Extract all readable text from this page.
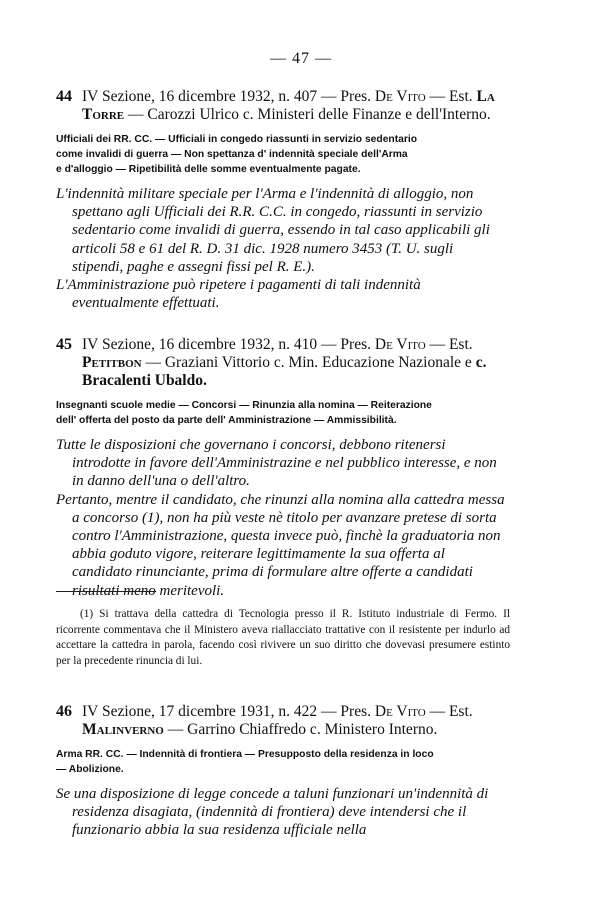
— 47 —
44 IV Sezione, 16 dicembre 1932, n. 407 — Pres. De Vito — Est. La Torre — Carozzi Ulrico c. Ministeri delle Finanze e dell'Interno.
Ufficiali dei RR. CC. — Ufficiali in congedo riassunti in servizio sedentario
come invalidi di guerra — Non spettanza d' indennità speciale dell'Arma
e d'alloggio — Ripetibilità delle somme eventualmente pagate.

L'indennità militare speciale per l'Arma e l'indennità di alloggio, non spettano agli Ufficiali dei R.R. C.C. in congedo, riassunti in servizio sedentario come invalidi di guerra, essendo in tal caso applicabili gli articoli 58 e 61 del R. D. 31 dic. 1928 numero 3453 (T. U. sugli stipendi, paghe e assegni fissi pel R. E.).

L'Amministrazione può ripetere i pagamenti di tali indennità eventualmente effettuati.

45 IV Sezione, 16 dicembre 1932, n. 410 — Pres. De Vito — Est. Petitbon — Graziani Vittorio c. Min. Educazione Nazionale e c. Bracalenti Ubaldo.
Insegnanti scuole medie — Concorsi — Rinunzia alla nomina — Reiterazione
dell' offerta del posto da parte dell' Amministrazione — Ammissibilità.

Tutte le disposizioni che governano i concorsi, debbono ritenersi introdotte in favore dell'Amministrazine e nel pubblico interesse, e non in danno dell'una o dell'altro.

Pertanto, mentre il candidato, che rinunzi alla nomina alla cattedra messa a concorso (1), non ha più veste nè titolo per avanzare pretese di sorta contro l'Amministrazione, questa invece può, finchè la graduatoria non abbia goduto vigore, reiterare legittimamente la sua offerta al candidato rinunciante, prima di formulare altre offerte a candidati risultati meno meritevoli.

(1) Si trattava della cattedra di Tecnologia presso il R. Istituto industriale di Fermo. Il ricorrente commentava che il Ministero aveva riallacciato trattative con il resistente per indurlo ad accettare la cattedra in parola, facendo così rivivere un suo diritto che dovevasi presumere estinto per la precedente rinuncia di lui.

46 IV Sezione, 17 dicembre 1931, n. 422 — Pres. De Vito — Est. Malinverno — Garrino Chiaffredo c. Ministero Interno.
Arma RR. CC. — Indennità di frontiera — Presupposto della residenza in loco
— Abolizione.

Se una disposizione di legge concede a taluni funzionari un'indennità di residenza disagiata, (indennità di frontiera) deve intendersi che il funzionario abbia la sua residenza ufficiale nella
